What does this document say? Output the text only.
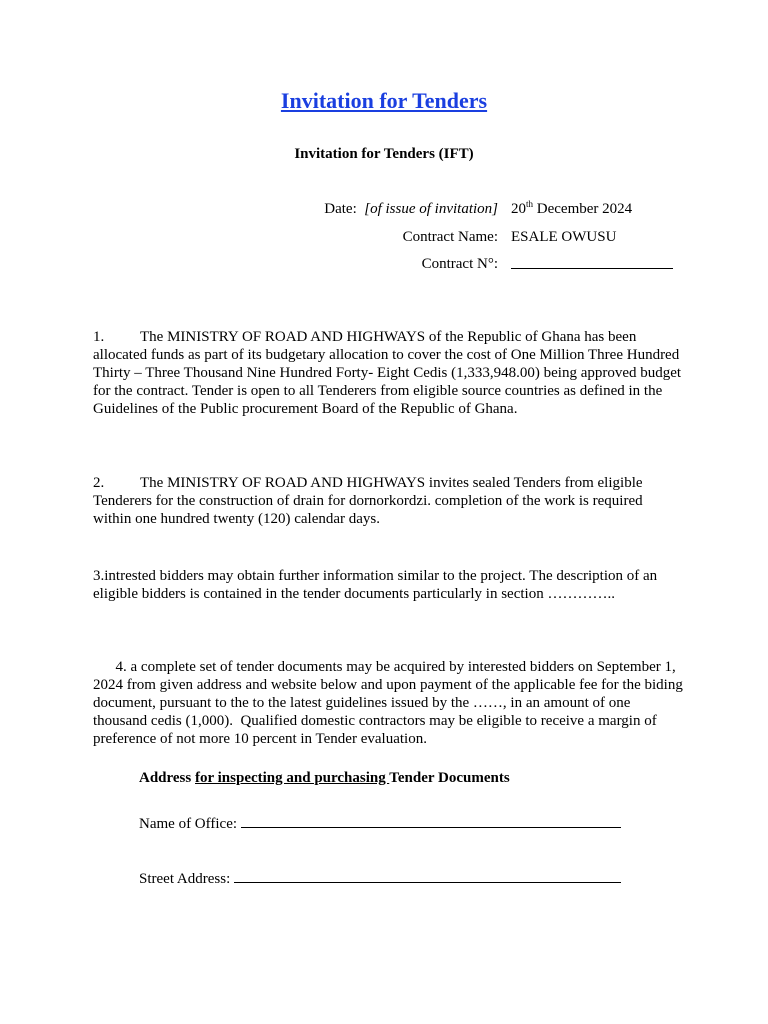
Invitation for Tenders
Invitation for Tenders (IFT)
Date:  [of issue of invitation] 20th December 2024
Contract Name: ESALE OWUSU
Contract N°:
1. The MINISTRY OF ROAD AND HIGHWAYS of the Republic of Ghana has been allocated funds as part of its budgetary allocation to cover the cost of One Million Three Hundred Thirty – Three Thousand Nine Hundred Forty- Eight Cedis (1,333,948.00) being approved budget for the contract. Tender is open to all Tenderers from eligible source countries as defined in the Guidelines of the Public procurement Board of the Republic of Ghana.
2. The MINISTRY OF ROAD AND HIGHWAYS invites sealed Tenders from eligible Tenderers for the construction of drain for dornorkordzi. completion of the work is required within one hundred twenty (120) calendar days.
3.intrested bidders may obtain further information similar to the project. The description of an eligible bidders is contained in the tender documents particularly in section …………..

4. a complete set of tender documents may be acquired by interested bidders on September 1, 2024 from given address and website below and upon payment of the applicable fee for the biding document, pursuant to the to the latest guidelines issued by the ……, in an amount of one thousand cedis (1,000).  Qualified domestic contractors may be eligible to receive a margin of preference of not more 10 percent in Tender evaluation.

Address for inspecting and purchasing Tender Documents
Name of Office:
Street Address:
